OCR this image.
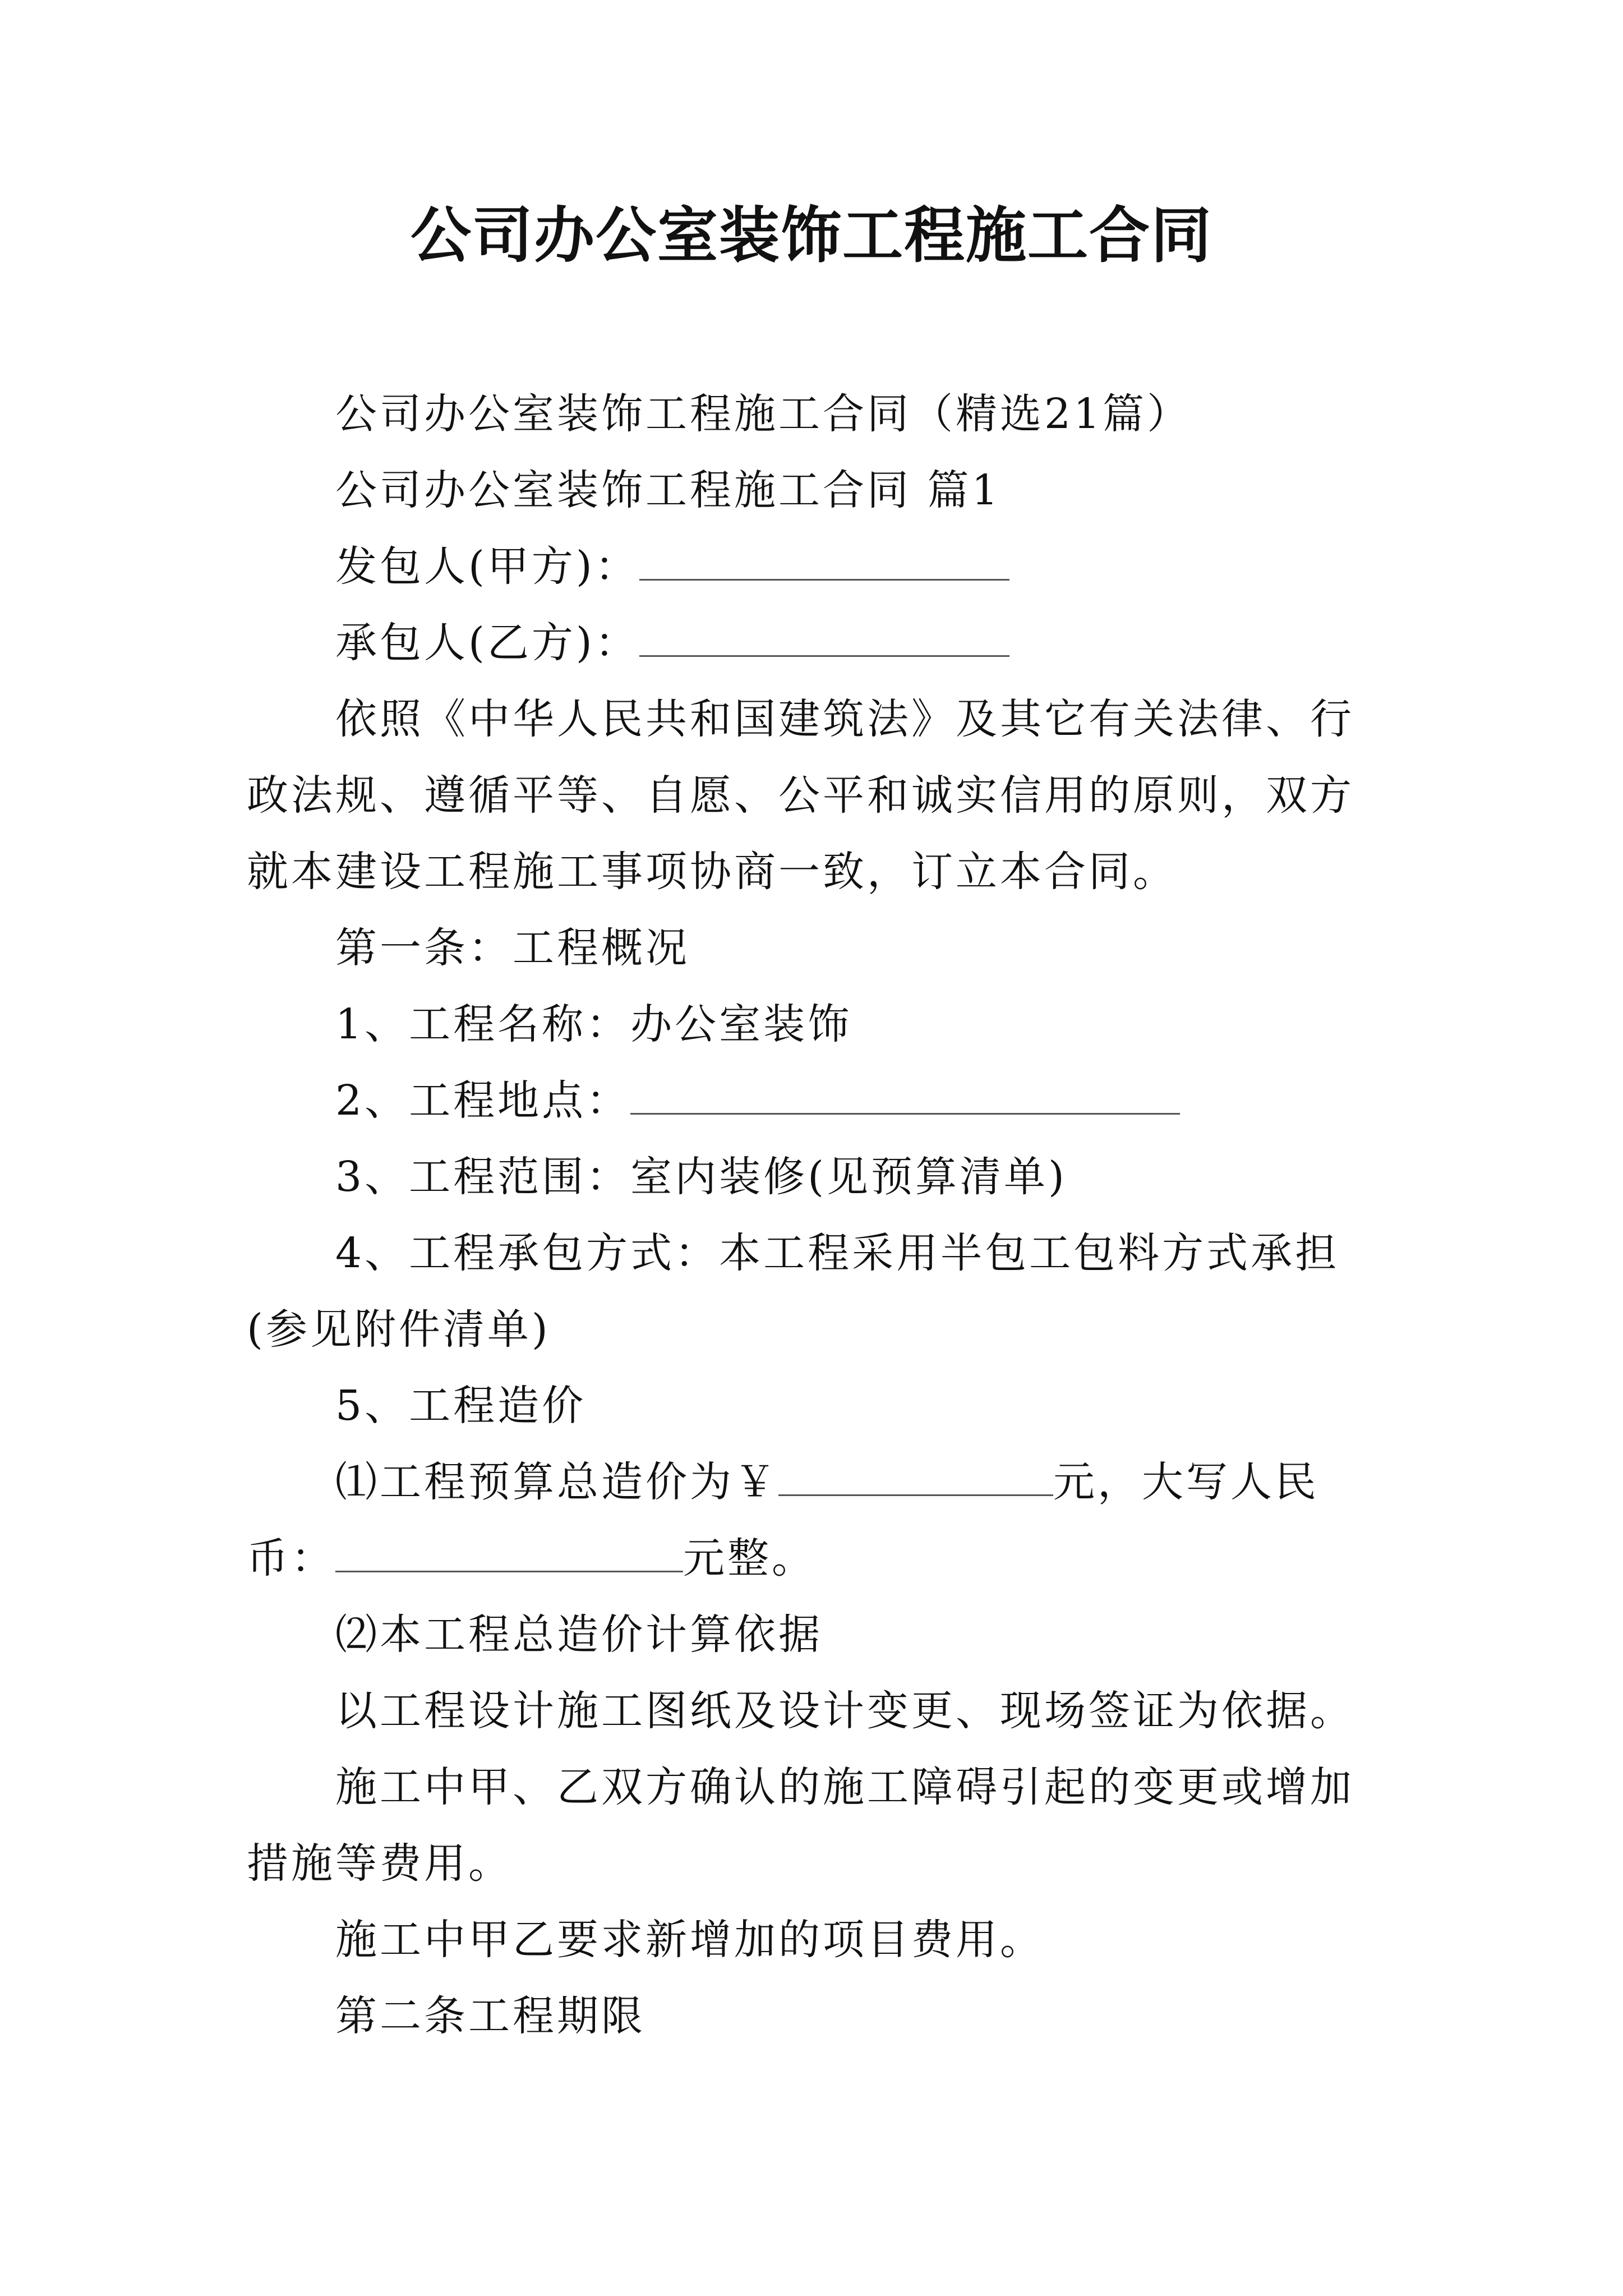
公司办公室装饰工程施工合同

公司办公室装饰工程施工合同（精选21篇）

公司办公室装饰工程施工合同 篇1

发包人(甲方)：

承包人(乙方)：

依照《中华人民共和国建筑法》及其它有关法律、行政法规、遵循平等、自愿、公平和诚实信用的原则，双方就本建设工程施工事项协商一致，订立本合同。

第一条：工程概况

1、工程名称：办公室装饰

2、工程地点：

3、工程范围：室内装修(见预算清单)

4、工程承包方式：本工程采用半包工包料方式承担(参见附件清单)

5、工程造价

⑴工程预算总造价为￥	元，大写人民币：	元整。

⑵本工程总造价计算依据

以工程设计施工图纸及设计变更、现场签证为依据。

施工中甲、乙双方确认的施工障碍引起的变更或增加措施等费用。

施工中甲乙要求新增加的项目费用。

第二条工程期限
